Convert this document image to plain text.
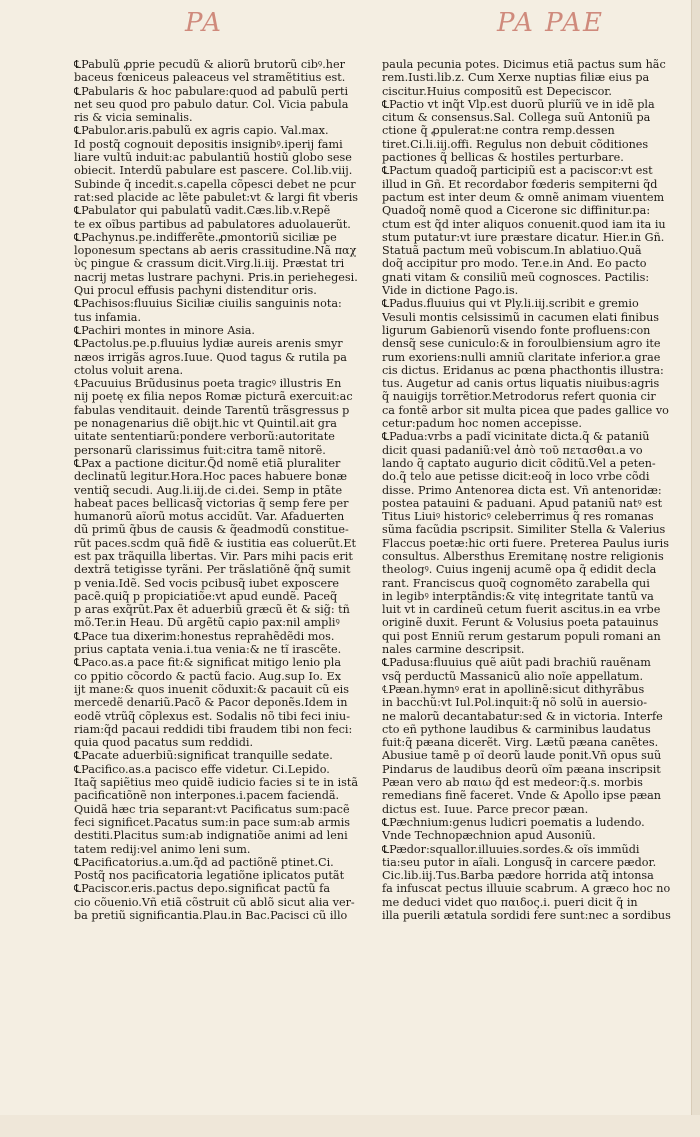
PA	PA PAE
℄Pabulũ ꝓprie pecudũ & aliorũ brutorũ cibꝰ.her
baceus fœniceus paleaceus vel stramẽtitius est.
℄Pabularis & hoc pabulare:quod ad pabulũ perti
net seu quod pro pabulo datur. Col. Vicia pabula
ris & vicia seminalis.
℄Pabulor.aris.pabulũ ex agris capio. Val.max.
Id postq̃ cognouit depositis insignibꝰ.iperij fami
liare vultũ induit:ac pabulantiũ hostiũ globo sese
obiecit. Interdũ pabulare est pascere. Col.lib.viij.
Subinde q̃ incedit.s.capella cõpesci debet ne pcur
rat:sed placide ac lẽte pabulet:vt & largi fit vberis
℄Pabulator qui pabulatũ vadit.Cæs.lib.v.Repẽ
te ex oĩbus partibus ad pabulatores aduolauerũt.
℄Pachynus.pe.indifferẽte.ꝓmontoriũ siciliæ pe
loponesum spectans ab aeris crassitudine.Nã παχ
ὺς pingue & crassum dicit.Virg.li.iij. Præstat tri
nacrij metas lustrare pachyni. Pris.in periehegesi.
Qui procul effusis pachyni distenditur oris.
℄Pachisos:fluuius Siciliæ ciuilis sanguinis nota:
tus infamia.
℄Pachiri montes in minore Asia.
℄Pactolus.pe.p.fluuius lydiæ aureis arenis smyr
næos irrigãs agros.Iuue. Quod tagus & rutila pa
ctolus voluit arena.
℄Pacuuius Brũdusinus poeta tragicꝰ illustris En
nij poetę ex filia nepos Romæ picturã exercuit:ac
fabulas venditauit. deinde Tarentũ trãsgressus p
pe nonagenarius diẽ obijt.hic vt Quintil.ait gra
uitate sententiarũ:pondere verborũ:autoritate
personarũ clarissimus fuit:citra tamẽ nitorẽ.
℄Pax a pactione dicitur.Q̃d nomẽ etiã pluraliter
declinatũ legitur.Hora.Hoc paces habuere bonæ
ventiq̃ secudi. Aug.li.iij.de ci.dei. Semp in ptãte
habeat paces bellicasq̃ victorias q̃ semp fere per
humanorũ aĩorũ motus accidũt. Var. Afaduerten
dũ primũ q̃bus de causis & q̃eadmodũ constitue-
rũt paces.scdm quã fidẽ & iustitia eas coluerũt.Et
est pax trãquilla libertas. Vir. Pars mihi pacis erit
dextrã tetigisse tyrãni. Per trãslatiõnẽ q̃nq̃ sumit
p venia.Idẽ. Sed vocis pcibusq̃ iubet exposcere
pacẽ.quiq̃ p propiciatiõe:vt apud eundẽ. Paceq̃
p aras exq̃rũt.Pax ẽt aduerbiũ græcũ ẽt & sig̃: tñ
mõ.Ter.in Heau. Dũ argẽtũ capio pax:nil ampliꝰ
℄Pace tua dixerim:honestus reprahẽdẽdi mos.
prius captata venia.i.tua venia:& ne tĩ irascẽte.
℄Paco.as.a pace fit:& significat mitigo lenio pla
co ppitio cõcordo & pactũ facio. Aug.sup Io. Ex
ijt mane:& quos inuenit cõduxit:& pacauit cũ eis
mercedẽ denariũ.Pacõ & Pacor deponẽs.Idem in
eodẽ vtrũq̃ cõplexus est. Sodalis nõ tibi feci iniu-
riam:q̃d pacaui reddidi tibi fraudem tibi non feci:
quia quod pacatus sum reddidi.
℄Pacate aduerbiũ:significat tranquille sedate.
℄Pacifico.as.a pacisco effe videtur. Ci.Lepido.
Itaq̃ sapiẽtius meo quidẽ iudicio facies si te in istã
pacificatiõnẽ non interpones.i.pacem faciendã.
Quidã hæc tria separant:vt Pacificatus sum:pacẽ
feci significet.Pacatus sum:in pace sum:ab armis
destiti.Placitus sum:ab indignatiõe animi ad leni
tatem redij:vel animo leni sum.
℄Pacificatorius.a.um.q̃d ad pactiõnẽ ptinet.Ci.
Postq̃ nos pacificatoria legatiõne iplicatos putãt
℄Paciscor.eris.pactus depo.significat pactũ fa
cio cõuenio.Vñ etiã cõstruit cũ ablõ sicut alia ver-
ba pretiũ significantia.Plau.in Bac.Pacisci cũ illo
paula pecunia potes. Dicimus etiã pactus sum hãc
rem.Iusti.lib.z. Cum Xerxe nuptias filiæ eius pa
ciscitur.Huius compositũ est Depeciscor.
℄Pactio vt inq̃t Vlp.est duorũ plurĩũ ve in idẽ pla
citum & consensus.Sal. Collega suũ Antoniũ pa
ctione q̃ ꝓpulerat:ne contra remp.dessen
tiret.Ci.li.iij.offi. Regulus non debuit cõditiones
pactiones q̃ bellicas & hostiles perturbare.
℄Pactum quadoq̃ participiũ est a paciscor:vt est
illud in Gñ. Et recordabor fœderis sempiterni q̃d
pactum est inter deum & omnẽ animam viuentem
Quadoq̃ nomẽ quod a Cicerone sic diffinitur.pa:
ctum est q̃d inter aliquos conuenit.quod iam ita iu
stum putatur:vt iure præstare dicatur. Hier.in Gñ.
Statuã pactum meũ vobiscum.In ablatiuo.Quã
doq̃ accipitur pro modo. Ter.e.in And. Eo pacto
gnati vitam & consiliũ meũ cognosces. Pactilis:
Vide in dictione Pago.is.
℄Padus.fluuius qui vt Ply.li.iij.scribit e gremio
Vesuli montis celsissimũ in cacumen elati finibus
ligurum Gabienorũ visendo fonte profluens:con
densq̃ sese cuniculo:& in foroulbiensium agro ite
rum exoriens:nulli amniũ claritate inferior.a grae
cis dictus. Eridanus ac pœna phacthontis illustra:
tus. Augetur ad canis ortus liquatis niuibus:agris
q̃ nauigijs torrẽtior.Metrodorus refert quonia cir
ca fontẽ arbor sit multa picea que pades gallice vo
cetur:padum hoc nomen accepisse.
℄Padua:vrbs a padĩ vicinitate dicta.q̃ & pataniũ
dicit quasi padaniũ:vel ἀπὸ τοῦ πετασθαι.a vo
lando q̃ captato augurio dicit cõditũ.Vel a peten-
do.q̃ telo aue petisse dicit:eoq̃ in loco vrbe cõdi
disse. Primo Antenorea dicta est. Vñ antenoridæ:
postea patauini & paduani. Apud pataniũ natꝰ est
Titus Liuiꝰ historicꝰ celeberrimus q̃ res romanas
sũma facũdia pscripsit. Similiter Stella & Valerius
Flaccus poetæ:hic orti fuere. Preterea Paulus iuris
consultus. Albersthus Eremitanę nostre religionis
theologꝰ. Cuius ingenij acumẽ opa q̃ edidit decla
rant. Franciscus quoq̃ cognomẽto zarabella qui
in legibꝰ interptãndis:& vitę integritate tantũ va
luit vt in cardineũ cetum fuerit ascitus.in ea vrbe
originẽ duxit. Ferunt & Volusius poeta patauinus
qui post Enniũ rerum gestarum populi romani an
nales carmine descripsit.
℄Padusa:fluuius quẽ aiũt padi brachiũ rauẽnam
vsq̃ perductũ Massanicũ alio noĩe appellatum.
℄Pæan.hymnꝰ erat in apollinẽ:sicut dithyrãbus
in bacchũ:vt Iul.Pol.inquit:q̃ nõ solũ in auersio-
ne malorũ decantabatur:sed & in victoria. Interfe
cto eñ pythone laudibus & carminibus laudatus
fuit:q̃ pæana dicerẽt. Virg. Lætũ pæana canẽtes.
Abusiue tamẽ p oĩ deorũ laude ponit.Vñ opus suũ
Pindarus de laudibus deorũ oĩm pæana inscripsit
Pæan vero ab παιω q̃d est medeor:q̃.s. morbis
remedians finẽ faceret. Vnde & Apollo ipse pæan
dictus est. Iuue. Parce precor pæan.
℄Pæchnium:genus ludicri poematis a ludendo.
Vnde Technopæchnion apud Ausoniũ.
℄Pædor:squallor.illuuies.sordes.& oĩs immũdi
tia:seu putor in aĩali. Longusq̃ in carcere pædor.
Cic.lib.iij.Tus.Barba pædore horrida atq̃ intonsa
fa infuscat pectus illuuie scabrum. A græco hoc no
me deduci videt quo παιδος.i. pueri dicit q̃ in
illa puerili ætatula sordidi fere sunt:nec a sordibus
